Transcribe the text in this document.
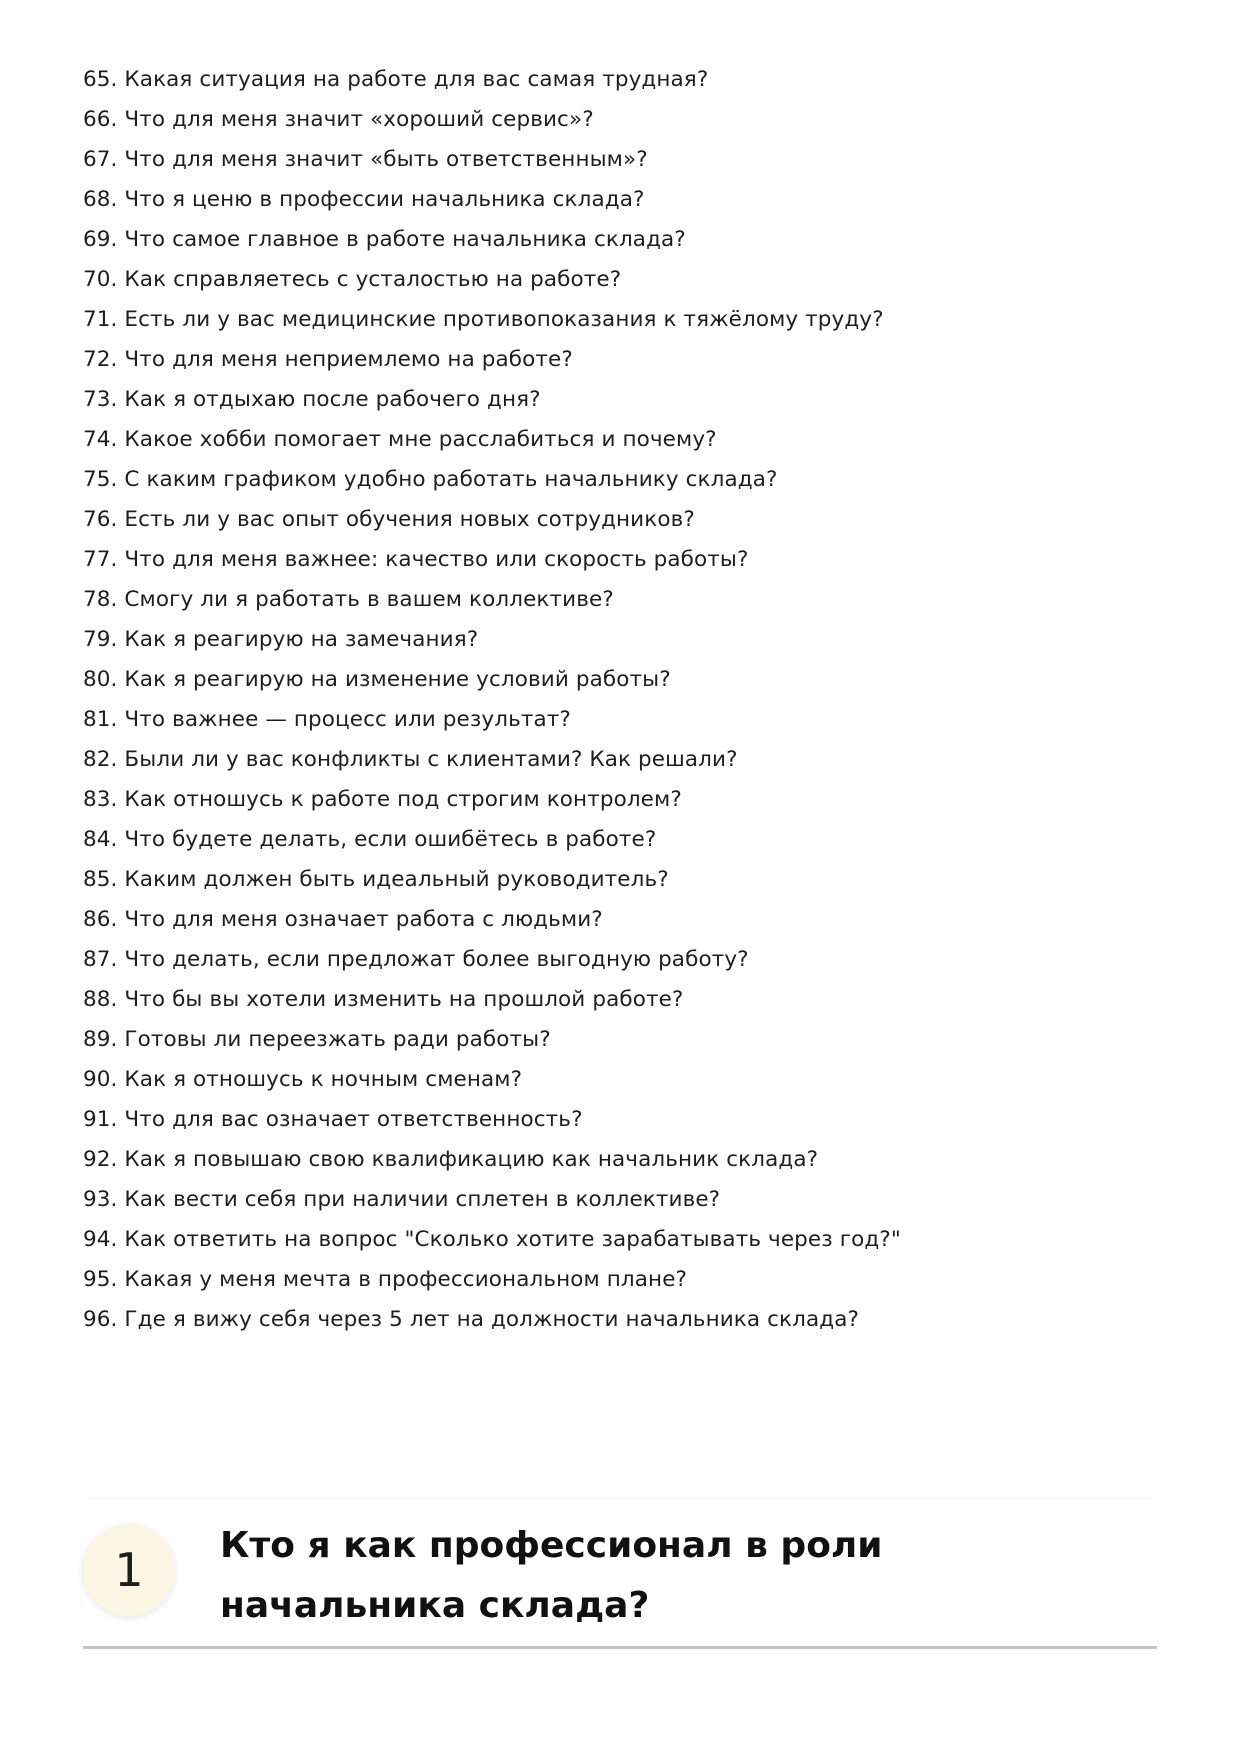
65. Какая ситуация на работе для вас самая трудная?
66. Что для меня значит «хороший сервис»?
67. Что для меня значит «быть ответственным»?
68. Что я ценю в профессии начальника склада?
69. Что самое главное в работе начальника склада?
70. Как справляетесь с усталостью на работе?
71. Есть ли у вас медицинские противопоказания к тяжёлому труду?
72. Что для меня неприемлемо на работе?
73. Как я отдыхаю после рабочего дня?
74. Какое хобби помогает мне расслабиться и почему?
75. С каким графиком удобно работать начальнику склада?
76. Есть ли у вас опыт обучения новых сотрудников?
77. Что для меня важнее: качество или скорость работы?
78. Смогу ли я работать в вашем коллективе?
79. Как я реагирую на замечания?
80. Как я реагирую на изменение условий работы?
81. Что важнее — процесс или результат?
82. Были ли у вас конфликты с клиентами? Как решали?
83. Как отношусь к работе под строгим контролем?
84. Что будете делать, если ошибётесь в работе?
85. Каким должен быть идеальный руководитель?
86. Что для меня означает работа с людьми?
87. Что делать, если предложат более выгодную работу?
88. Что бы вы хотели изменить на прошлой работе?
89. Готовы ли переезжать ради работы?
90. Как я отношусь к ночным сменам?
91. Что для вас означает ответственность?
92. Как я повышаю свою квалификацию как начальник склада?
93. Как вести себя при наличии сплетен в коллективе?
94. Как ответить на вопрос "Сколько хотите зарабатывать через год?"
95. Какая у меня мечта в профессиональном плане?
96. Где я вижу себя через 5 лет на должности начальника склада?
1	Кто я как профессионал в роли начальника склада?
